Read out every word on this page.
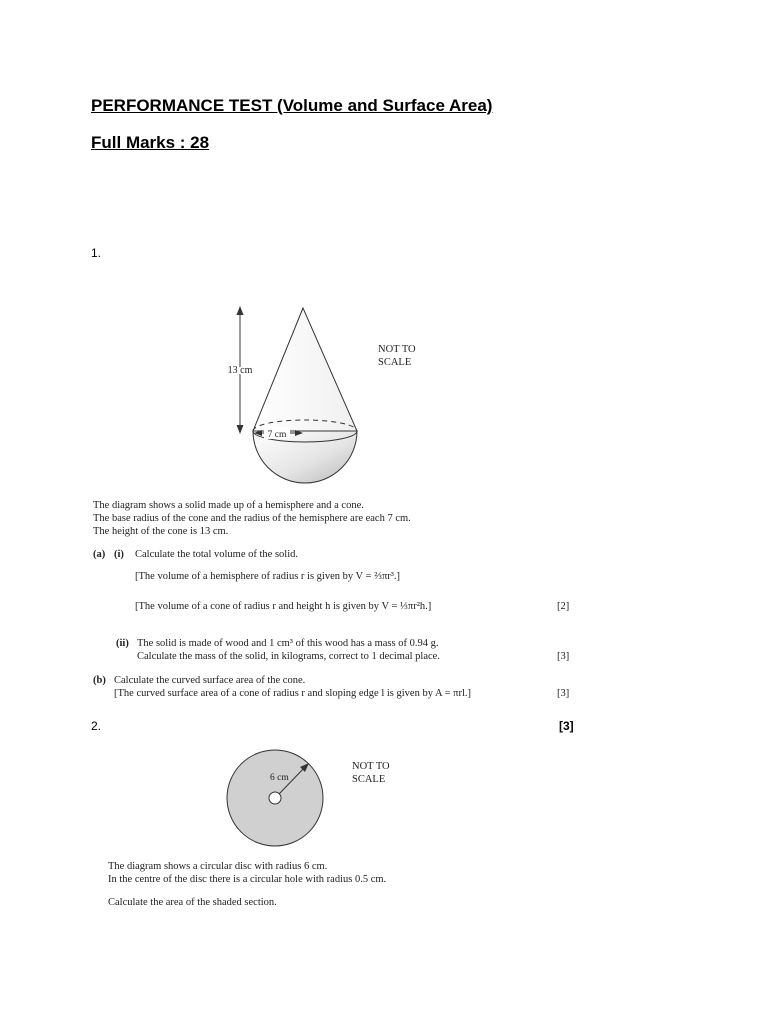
PERFORMANCE TEST (Volume and Surface Area)
Full Marks : 28
1.
7 cm
13 cm
NOT TO
SCALE
The diagram shows a solid made up of a hemisphere and a cone.
The base radius of the cone and the radius of the hemisphere are each 7 cm.
The height of the cone is 13 cm.
(a) (i) Calculate the total volume of the solid.
[The volume of a hemisphere of radius r is given by V = ⅔πr³.]
[The volume of a cone of radius r and height h is given by V = ⅓πr²h.]	[2]
(ii) The solid is made of wood and 1 cm³ of this wood has a mass of 0.94 g.
Calculate the mass of the solid, in kilograms, correct to 1 decimal place.	[3]
(b) Calculate the curved surface area of the cone.
[The curved surface area of a cone of radius r and sloping edge l is given by A = πrl.]	[3]
2.	[3]
6 cm
NOT TO
SCALE
The diagram shows a circular disc with radius 6 cm.
In the centre of the disc there is a circular hole with radius 0.5 cm.
Calculate the area of the shaded section.
